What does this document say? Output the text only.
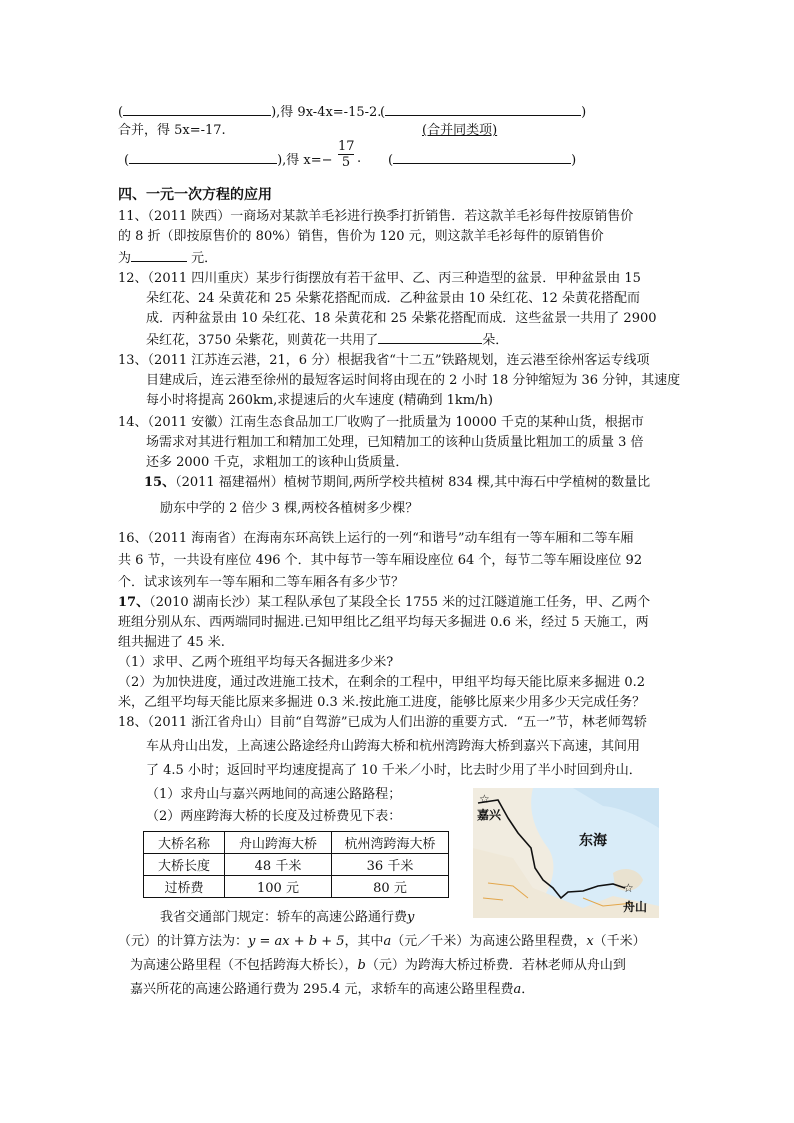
(	),得 9x-4x=-15-2.
(	)
合并，得 5x=-17.	(合并同类项)
(	),得 $x=- \frac{17}{5}$ . (	)
四、一元一次方程的应用
11、（2011 陕西）一商场对某款羊毛衫进行换季打折销售．若这款羊毛衫每件按原销售价
的 8 折（即按原售价的 80%）销售，售价为 120 元，则这款羊毛衫每件的原销售价
为	元．
12、（2011 四川重庆）某步行街摆放有若干盆甲、乙、丙三种造型的盆景．甲种盆景由 15
朵红花、24 朵黄花和 25 朵紫花搭配而成．乙种盆景由 10 朵红花、12 朵黄花搭配而
成．丙种盆景由 10 朵红花、18 朵黄花和 25 朵紫花搭配而成．这些盆景一共用了 2900
朵红花，3750 朵紫花，则黄花一共用了	朵．
13、（2011 江苏连云港，21，6 分）根据我省“十二五”铁路规划，连云港至徐州客运专线项
目建成后，连云港至徐州的最短客运时间将由现在的 2 小时 18 分钟缩短为 36 分钟，其速度
每小时将提高 260km,求提速后的火车速度 (精确到 1km/h)
14、（2011 安徽）江南生态食品加工厂收购了一批质量为 10000 千克的某种山货，根据市
场需求对其进行粗加工和精加工处理，已知精加工的该种山货质量比粗加工的质量 3 倍
还多 2000 千克，求粗加工的该种山货质量．
15、（2011 福建福州）植树节期间,两所学校共植树 834 棵,其中海石中学植树的数量比
励东中学的 2 倍少 3 棵,两校各植树多少棵？
16、（2011 海南省）在海南东环高铁上运行的一列“和谐号”动车组有一等车厢和二等车厢
共 6 节，一共设有座位 496 个．其中每节一等车厢设座位 64 个，每节二等车厢设座位 92
个．试求该列车一等车厢和二等车厢各有多少节？
17、（2010 湖南长沙）某工程队承包了某段全长 1755 米的过江隧道施工任务，甲、乙两个
班组分别从东、西两端同时掘进.已知甲组比乙组平均每天多掘进 0.6 米，经过 5 天施工，两
组共掘进了 45 米.
（1）求甲、乙两个班组平均每天各掘进多少米?
（2）为加快进度，通过改进施工技术，在剩余的工程中，甲组平均每天能比原来多掘进 0.2
米，乙组平均每天能比原来多掘进 0.3 米.按此施工进度，能够比原来少用多少天完成任务？
18、（2011 浙江省舟山）目前“自驾游”已成为人们出游的重要方式．“五一”节，林老师驾轿
车从舟山出发，上高速公路途经舟山跨海大桥和杭州湾跨海大桥到嘉兴下高速，其间用
了 4.5 小时；返回时平均速度提高了 10 千米／小时，比去时少用了半小时回到舟山．
（1）求舟山与嘉兴两地间的高速公路路程；
（2）两座跨海大桥的长度及过桥费见下表：
大桥名称	舟山跨海大桥	杭州湾跨海大桥
大桥长度	48 千米	36 千米
过桥费	100 元	80 元
☆
☆
嘉兴
东海
舟山
我省交通部门规定：轿车的高速公路通行费y
（元）的计算方法为：y = ax + b + 5，其中a（元／千米）为高速公路里程费，x（千米）
为高速公路里程（不包括跨海大桥长），b（元）为跨海大桥过桥费．若林老师从舟山到
嘉兴所花的高速公路通行费为 295.4 元，求轿车的高速公路里程费a．
